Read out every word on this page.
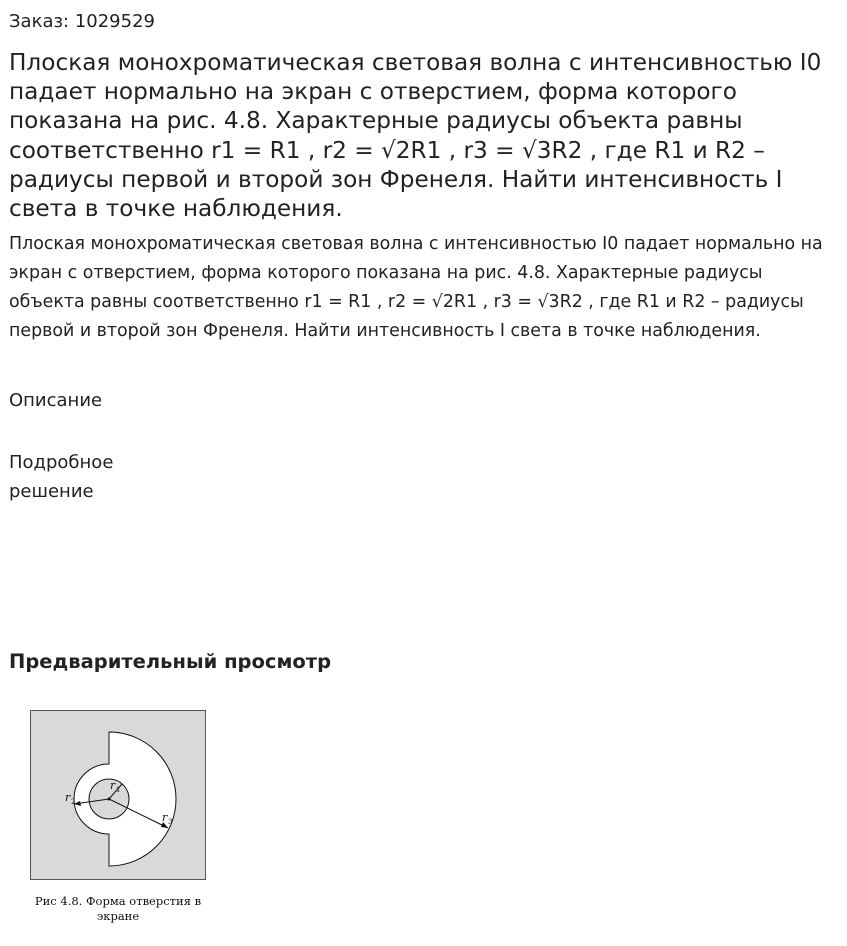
Заказ: 1029529
Плоская монохроматическая световая волна с интенсивностью I0 падает нормально на экран с отверстием, форма которого показана на рис. 4.8. Характерные радиусы объекта равны соответственно r1 = R1 , r2 = √2R1 , r3 = √3R2 , где R1 и R2 – радиусы первой и второй зон Френеля. Найти интенсивность I света в точке наблюдения.

Плоская монохроматическая световая волна с интенсивностью I0 падает нормально на экран с отверстием, форма которого показана на рис. 4.8. Характерные радиусы объекта равны соответственно r1 = R1 , r2 = √2R1 , r3 = √3R2 , где R1 и R2 – радиусы первой и второй зон Френеля. Найти интенсивность I света в точке наблюдения.

Описание
Подробное решение
Предварительный просмотр
r 1
r 2
r 3
Рис 4.8. Форма отверстия в экране
